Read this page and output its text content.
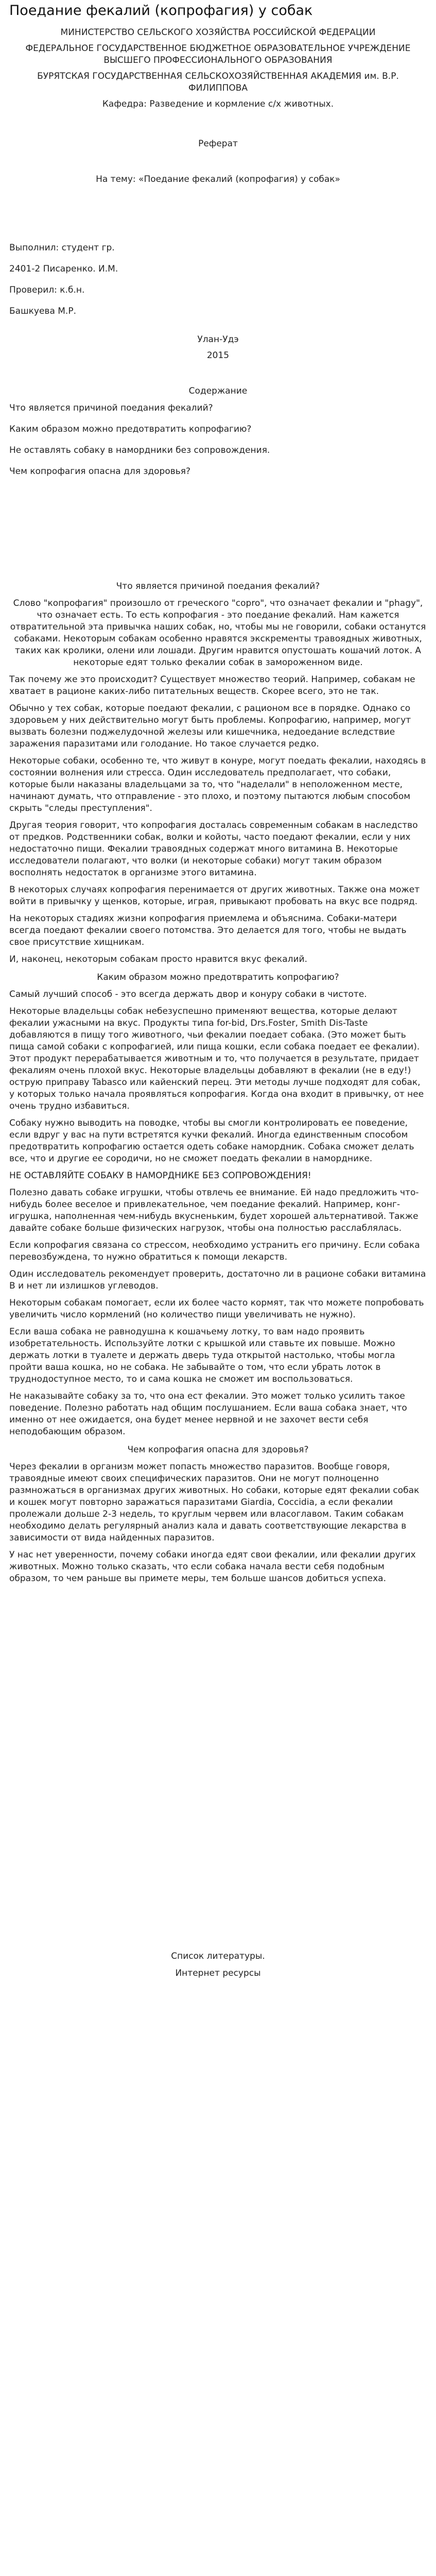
Поедание фекалий (копрофагия) у собак

МИНИСТЕРСТВО СЕЛЬСКОГО ХОЗЯЙСТВА РОССИЙСКОЙ ФЕДЕРАЦИИ

ФЕДЕРАЛЬНОЕ ГОСУДАРСТВЕННОЕ БЮДЖЕТНОЕ ОБРАЗОВАТЕЛЬНОЕ УЧРЕЖДЕНИЕ ВЫСШЕГО ПРОФЕССИОНАЛЬНОГО ОБРАЗОВАНИЯ

БУРЯТСКАЯ ГОСУДАРСТВЕННАЯ СЕЛЬСКОХОЗЯЙСТВЕННАЯ АКАДЕМИЯ им. В.Р. ФИЛИППОВА

Кафедра: Разведение и кормление с/х животных.

Реферат

На тему: «Поедание фекалий (копрофагия) у собак»

Выполнил: студент гр.

2401-2 Писаренко. И.М.

Проверил: к.б.н.

Башкуева М.Р.

Улан-Удэ

2015

Содержание

Что является причиной поедания фекалий?

Каким образом можно предотвратить копрофагию?

Не оставлять собаку в намордники без сопровождения.

Чем копрофагия опасна для здоровья?

Что является причиной поедания фекалий?

Слово "копрофагия" произошло от греческого "copro", что означает фекалии и "phagy", что означает есть. То есть копрофагия - это поедание фекалий. Нам кажется отвратительной эта привычка наших собак, но, чтобы мы не говорили, собаки останутся собаками. Некоторым собакам особенно нравятся экскременты травоядных животных, таких как кролики, олени или лошади. Другим нравится опустошать кошачий лоток. А некоторые едят только фекалии собак в замороженном виде.

Так почему же это происходит? Существует множество теорий. Например, собакам не хватает в рационе каких-либо питательных веществ. Скорее всего, это не так.

Обычно у тех собак, которые поедают фекалии, с рационом все в порядке. Однако со здоровьем у них действительно могут быть проблемы. Копрофагию, например, могут вызвать болезни поджелудочной железы или кишечника, недоедание вследствие заражения паразитами или голодание. Но такое случается редко.

Некоторые собаки, особенно те, что живут в конуре, могут поедать фекалии, находясь в состоянии волнения или стресса. Один исследователь предполагает, что собаки, которые были наказаны владельцами за то, что "наделали" в неположенном месте, начинают думать, что отправление - это плохо, и поэтому пытаются любым способом скрыть "следы преступления".

Другая теория говорит, что копрофагия досталась современным собакам в наследство от предков. Родственники собак, волки и койоты, часто поедают фекалии, если у них недостаточно пищи. Фекалии травоядных содержат много витамина B. Некоторые исследователи полагают, что волки (и некоторые собаки) могут таким образом восполнять недостаток в организме этого витамина.

В некоторых случаях копрофагия перенимается от других животных. Также она может войти в привычку у щенков, которые, играя, привыкают пробовать на вкус все подряд.

На некоторых стадиях жизни копрофагия приемлема и объяснима. Собаки-матери всегда поедают фекалии своего потомства. Это делается для того, чтобы не выдать свое присутствие хищникам.

И, наконец, некоторым собакам просто нравится вкус фекалий.

Каким образом можно предотвратить копрофагию?

Самый лучший способ - это всегда держать двор и конуру собаки в чистоте.

Некоторые владельцы собак небезуспешно применяют вещества, которые делают фекалии ужасными на вкус. Продукты типа for-bid, Drs.Foster, Smith Dis-Taste добавляются в пищу того животного, чьи фекалии поедает собака. (Это может быть пища самой собаки с копрофагией, или пища кошки, если собака поедает ее фекалии). Этот продукт перерабатывается животным и то, что получается в результате, придает фекалиям очень плохой вкус. Некоторые владельцы добавляют в фекалии (не в еду!) острую приправу Tabasco или кайенский перец. Эти методы лучше подходят для собак, у которых только начала проявляться копрофагия. Когда она входит в привычку, от нее очень трудно избавиться.

Собаку нужно выводить на поводке, чтобы вы смогли контролировать ее поведение, если вдруг у вас на пути встретятся кучки фекалий. Иногда единственным способом предотвратить копрофагию остается одеть собаке намордник. Собака сможет делать все, что и другие ее сородичи, но не сможет поедать фекалии в наморднике.

НЕ ОСТАВЛЯЙТЕ СОБАКУ В НАМОРДНИКЕ БЕЗ СОПРОВОЖДЕНИЯ!

Полезно давать собаке игрушки, чтобы отвлечь ее внимание. Ей надо предложить что-нибудь более веселое и привлекательное, чем поедание фекалий. Например, конг-игрушка, наполненная чем-нибудь вкусненьким, будет хорошей альтернативой. Также давайте собаке больше физических нагрузок, чтобы она полностью расслаблялась.

Если копрофагия связана со стрессом, необходимо устранить его причину. Если собака перевозбуждена, то нужно обратиться к помощи лекарств.

Один исследователь рекомендует проверить, достаточно ли в рационе собаки витамина B и нет ли излишков углеводов.

Некоторым собакам помогает, если их более часто кормят, так что можете попробовать увеличить число кормлений (но количество пищи увеличивать не нужно).

Если ваша собака не равнодушна к кошачьему лотку, то вам надо проявить изобретательность. Используйте лотки с крышкой или ставьте их повыше. Можно держать лотки в туалете и держать дверь туда открытой настолько, чтобы могла пройти ваша кошка, но не собака. Не забывайте о том, что если убрать лоток в труднодоступное место, то и сама кошка не сможет им воспользоваться.

Не наказывайте собаку за то, что она ест фекалии. Это может только усилить такое поведение. Полезно работать над общим послушанием. Если ваша собака знает, что именно от нее ожидается, она будет менее нервной и не захочет вести себя неподобающим образом.

Чем копрофагия опасна для здоровья?

Через фекалии в организм может попасть множество паразитов. Вообще говоря, травоядные имеют своих специфических паразитов. Они не могут полноценно размножаться в организмах других животных. Но собаки, которые едят фекалии собак и кошек могут повторно заражаться паразитами Giardia, Coccidia, а если фекалии пролежали дольше 2-3 недель, то круглым червем или власоглавом. Таким собакам необходимо делать регулярный анализ кала и давать соответствующие лекарства в зависимости от вида найденных паразитов.

У нас нет уверенности, почему собаки иногда едят свои фекалии, или фекалии других животных. Можно только сказать, что если собака начала вести себя подобным образом, то чем раньше вы примете меры, тем больше шансов добиться успеха.

Список литературы.

Интернет ресурсы
